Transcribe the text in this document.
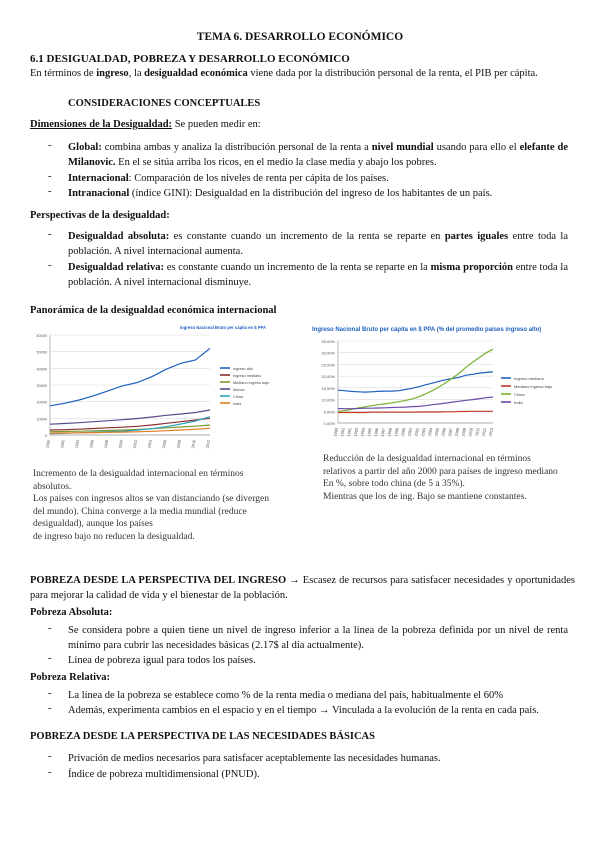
TEMA 6. DESARROLLO ECONÓMICO
6.1 DESIGUALDAD, POBREZA Y DESARROLLO ECONÓMICO
En términos de ingreso, la desigualdad económica viene dada por la distribución personal de la renta, el PIB per cápita.
CONSIDERACIONES CONCEPTUALES
Dimensiones de la Desigualdad: Se pueden medir en:
- Global: combina ambas y analiza la distribución personal de la renta a nivel mundial usando para ello el elefante de Milanovic. En el se sitúa arriba los ricos, en el medio la clase media y abajo los pobres.
- Internacional: Comparación de los niveles de renta per cápita de los países.
- Intranacional (índice GINI): Desigualdad en la distribución del ingreso de los habitantes de un país.
Perspectivas de la desigualdad:
- Desigualdad absoluta: es constante cuando un incremento de la renta se reparte en partes iguales entre toda la población. A nivel internacional aumenta.
- Desigualdad relativa: es constante cuando un incremento de la renta se reparte en la misma proporción entre toda la población. A nivel internacional disminuye.
Panorámica de la desigualdad económica internacional
Ingreso Nacional Bruto per cápita en $ PPA
0
10000
20000
30000
40000
50000
60000
1990 1992 1994 1996 1998 2000 2002 2004 2006 2008 2010 2012
Ingreso alto
Ingreso mediano
Mediano ingreso bajo
Mundo
China
India
Ingreso Nacional Bruto per cápita en $ PPA (% del promedio países ingreso alto)
0,00%
5,00%
10,00%
15,00%
20,00%
25,00%
30,00%
35,00%
1990 1991 1992 1993 1994 1995 1996 1997 1998 1999 2000 2001 2002 2003 2004 2005 2006 2007 2008 2009 2010 2011 2012 2013
Ingreso mediano
Mediano ingreso bajo
China
India
Incremento de la desigualdad internacional en términos
absolutos.
Los países con ingresos altos se van distanciando (se divergen
del mundo). China converge a la media mundial (reduce
desigualdad), aunque los países
de ingreso bajo no reducen la desigualdad.
Reducción de la desigualdad internacional en términos
relativos a partir del año 2000 para países de ingreso mediano
En %, sobre todo china (de 5 a 35%).
Mientras que los de ing. Bajo se mantiene constantes.
POBREZA DESDE LA PERSPECTIVA DEL INGRESO → Escasez de recursos para satisfacer necesidades y oportunidades para mejorar la calidad de vida y el bienestar de la población.
Pobreza Absoluta:
- Se considera pobre a quien tiene un nivel de ingreso inferior a la línea de la pobreza definida por un nivel de renta mínimo para cubrir las necesidades básicas (2.17$ al día actualmente).
- Línea de pobreza igual para todos los países.
Pobreza Relativa:
- La línea de la pobreza se establece como % de la renta media o mediana del país, habitualmente el 60%
- Además, experimenta cambios en el espacio y en el tiempo → Vinculada a la evolución de la renta en cada país.
POBREZA DESDE LA PERSPECTIVA DE LAS NECESIDADES BÁSICAS
- Privación de medios necesarios para satisfacer aceptablemente las necesidades humanas.
- Índice de pobreza multidimensional (PNUD).
